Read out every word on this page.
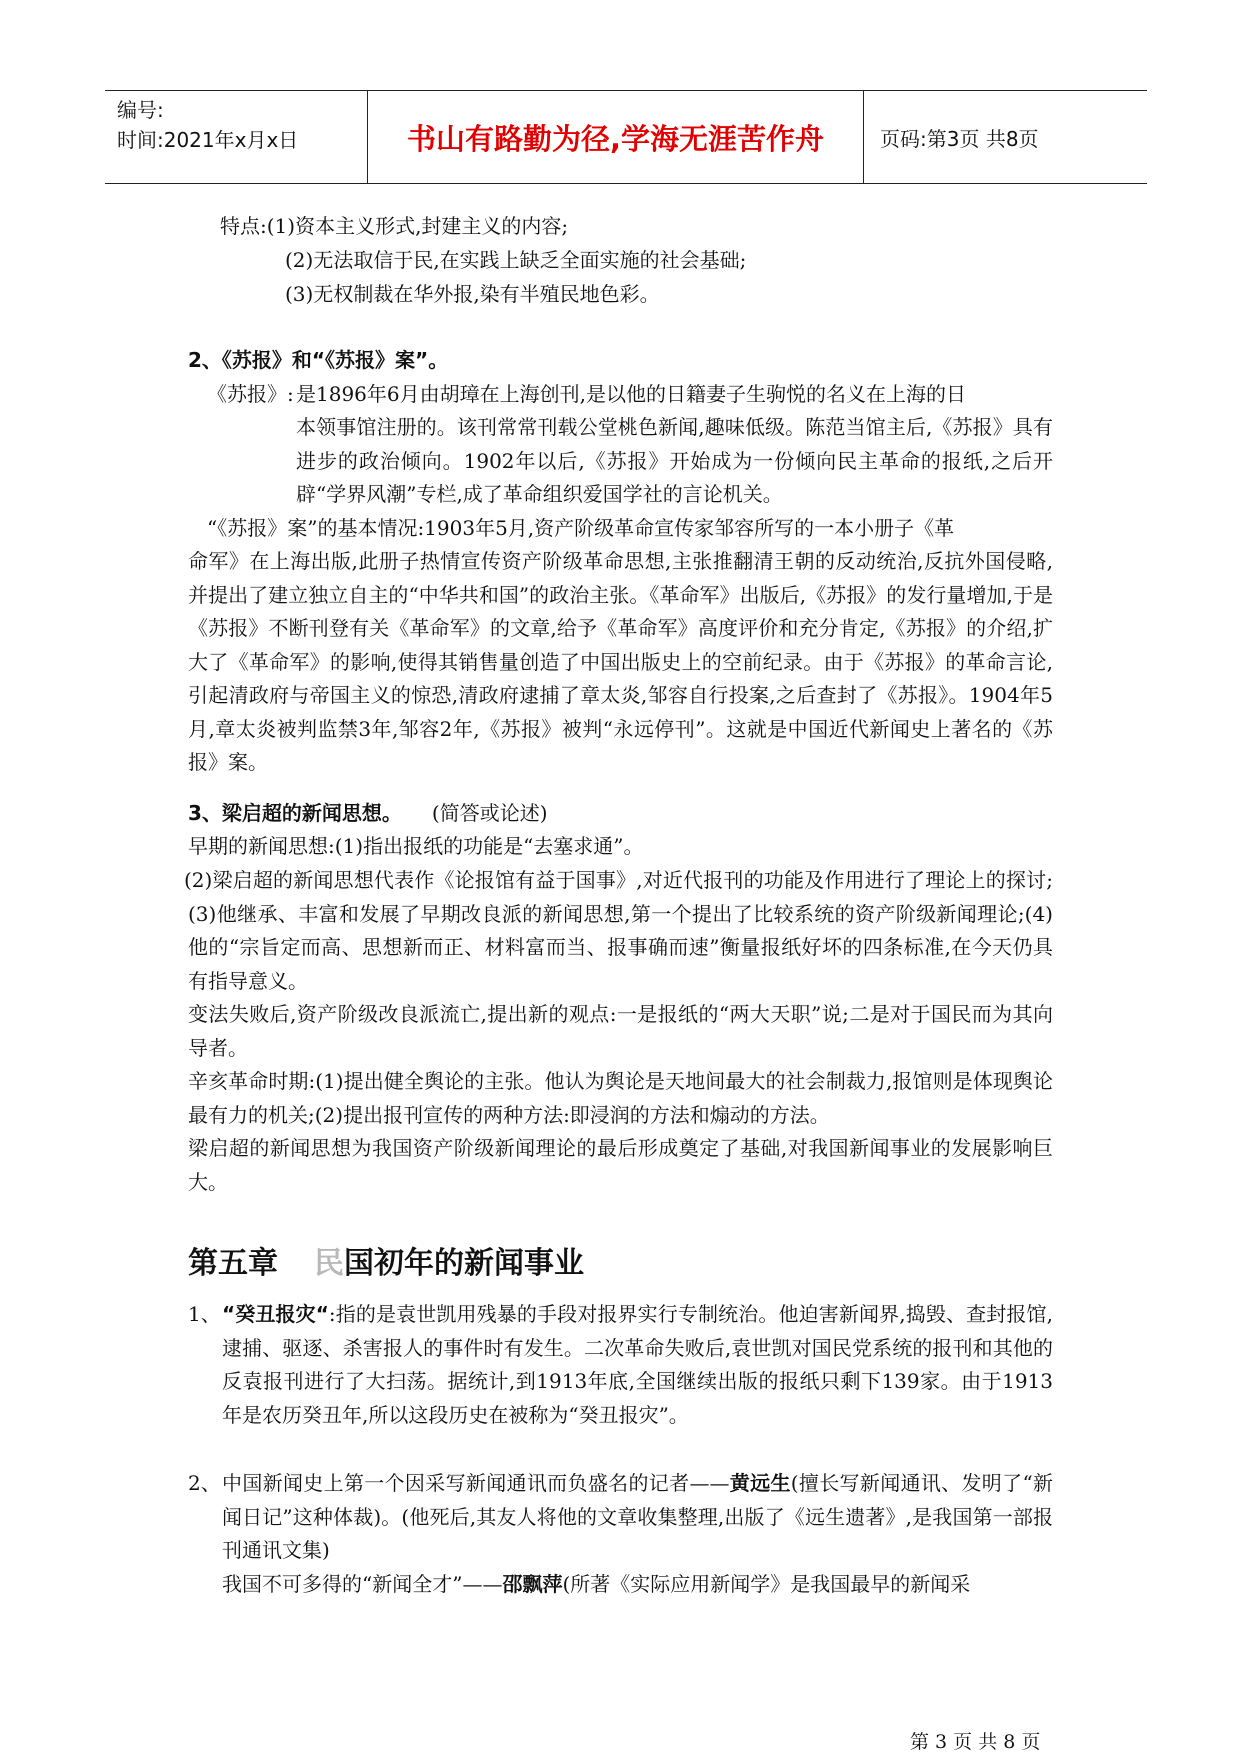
编号:
时间:2021年x月x日	书山有路勤为径,学海无涯苦作舟	页码:第3页 共8页
特点:(1)资本主义形式,封建主义的内容;
(2)无法取信于民,在实践上缺乏全面实施的社会基础;
(3)无权制裁在华外报,染有半殖民地色彩。
2、《苏报》和“《苏报》案”。
《苏报》: 是1896年6月由胡璋在上海创刊,是以他的日籍妻子生驹悦的名义在上海的日
本领事馆注册的。该刊常常刊载公堂桃色新闻,趣味低级。陈范当馆主后,《苏报》具有进步的政治倾向。1902年以后,《苏报》开始成为一份倾向民主革命的报纸,之后开辟“学界风潮”专栏,成了革命组织爱国学社的言论机关。
“《苏报》案”的基本情况:1903年5月,资产阶级革命宣传家邹容所写的一本小册子《革
命军》在上海出版,此册子热情宣传资产阶级革命思想,主张推翻清王朝的反动统治,反抗外国侵略,并提出了建立独立自主的“中华共和国”的政治主张。《革命军》出版后,《苏报》的发行量增加,于是《苏报》不断刊登有关《革命军》的文章,给予《革命军》高度评价和充分肯定,《苏报》的介绍,扩大了《革命军》的影响,使得其销售量创造了中国出版史上的空前纪录。由于《苏报》的革命言论,引起清政府与帝国主义的惊恐,清政府逮捕了章太炎,邹容自行投案,之后查封了《苏报》。1904年5月,章太炎被判监禁3年,邹容2年,《苏报》被判“永远停刊”。这就是中国近代新闻史上著名的《苏报》案。
3、梁启超的新闻思想。 (简答或论述)
早期的新闻思想:(1)指出报纸的功能是“去塞求通”。
(2)梁启超的新闻思想代表作《论报馆有益于国事》,对近代报刊的功能及作用进行了理论上的探讨;(3)他继承、丰富和发展了早期改良派的新闻思想,第一个提出了比较系统的资产阶级新闻理论;(4)他的“宗旨定而高、思想新而正、材料富而当、报事确而速”衡量报纸好坏的四条标准,在今天仍具有指导意义。
变法失败后,资产阶级改良派流亡,提出新的观点:一是报纸的“两大天职”说;二是对于国民而为其向导者。
辛亥革命时期:(1)提出健全舆论的主张。他认为舆论是天地间最大的社会制裁力,报馆则是体现舆论最有力的机关;(2)提出报刊宣传的两种方法:即浸润的方法和煽动的方法。
梁启超的新闻思想为我国资产阶级新闻理论的最后形成奠定了基础,对我国新闻事业的发展影响巨大。
第五章 民国初年的新闻事业
1、 “癸丑报灾“:指的是袁世凯用残暴的手段对报界实行专制统治。他迫害新闻界,捣毁、查封报馆,逮捕、驱逐、杀害报人的事件时有发生。二次革命失败后,袁世凯对国民党系统的报刊和其他的反袁报刊进行了大扫荡。据统计,到1913年底,全国继续出版的报纸只剩下139家。由于1913年是农历癸丑年,所以这段历史在被称为“癸丑报灾”。
2、 中国新闻史上第一个因采写新闻通讯而负盛名的记者——黄远生(擅长写新闻通讯、发明了“新闻日记”这种体裁)。(他死后,其友人将他的文章收集整理,出版了《远生遗著》,是我国第一部报刊通讯文集)
我国不可多得的“新闻全才”——邵飘萍(所著《实际应用新闻学》是我国最早的新闻采
第 3 页 共 8 页
